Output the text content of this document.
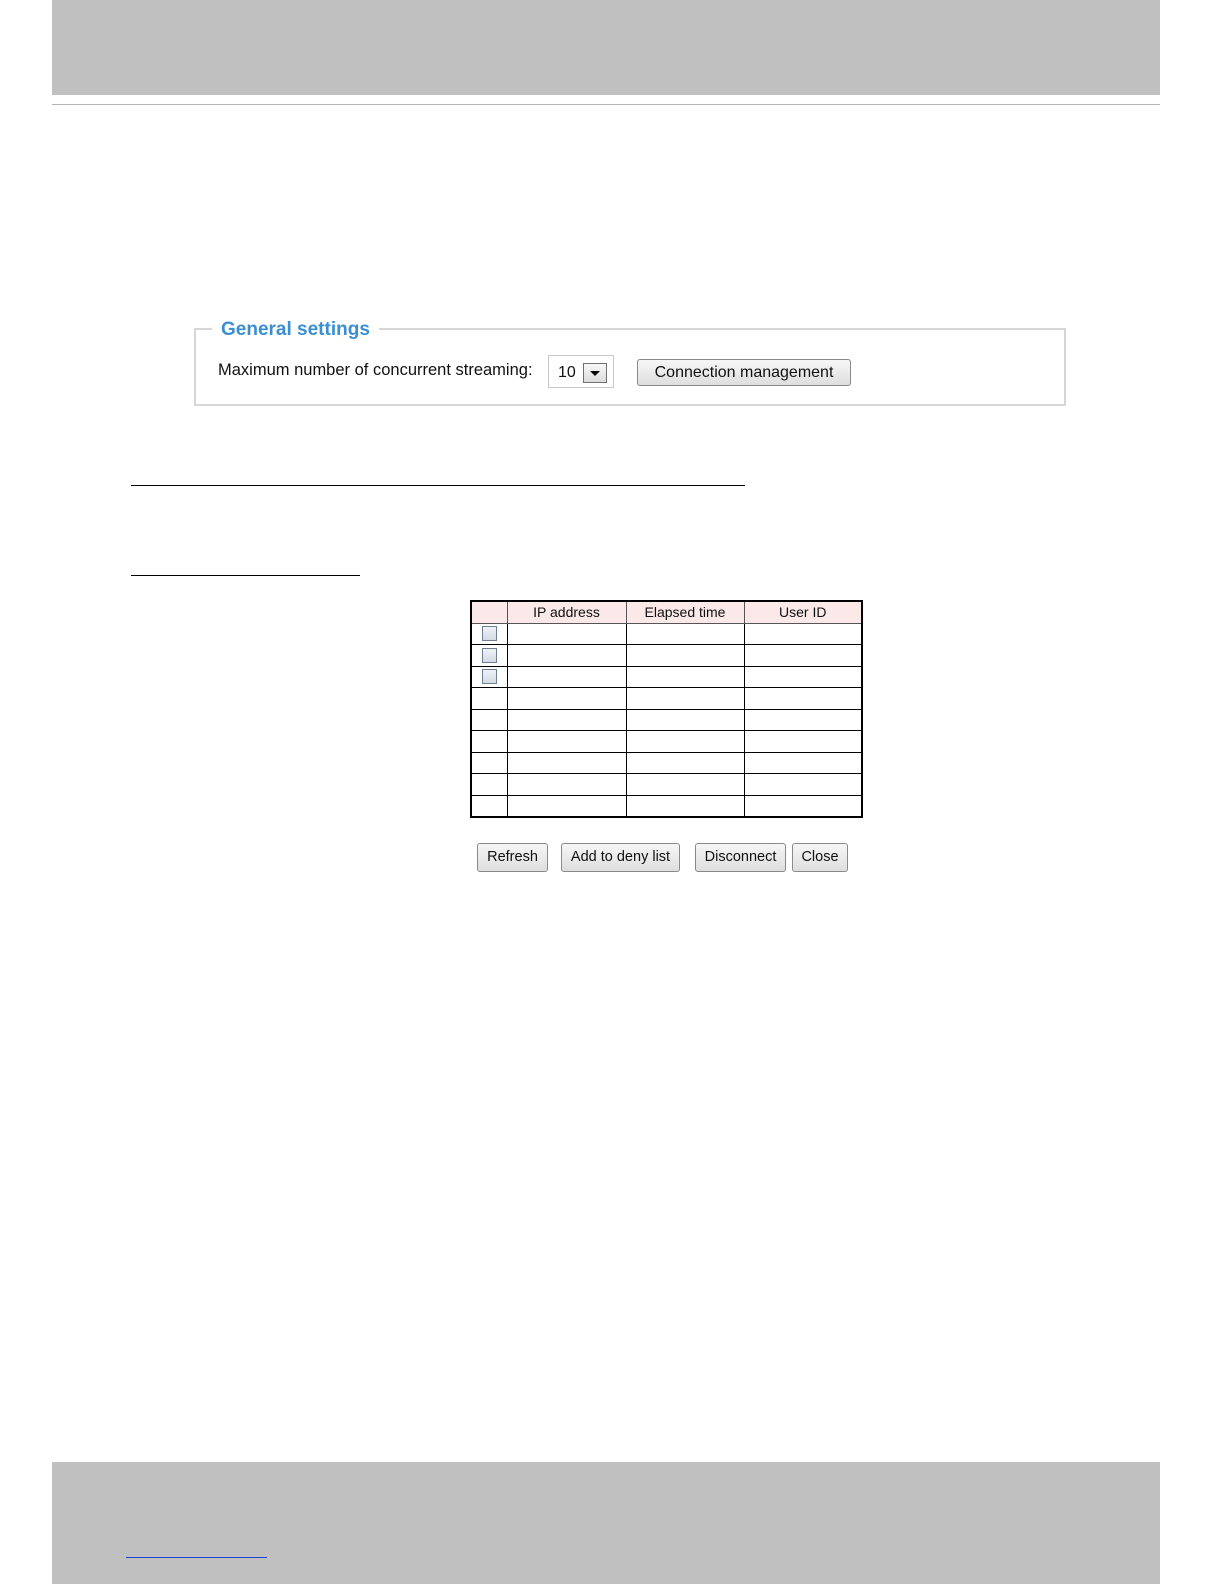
General settings
Maximum number of concurrent streaming: 10	Connection management
	IP address	Elapsed time	User ID

Refresh	Add to deny list	Disconnect	Close
